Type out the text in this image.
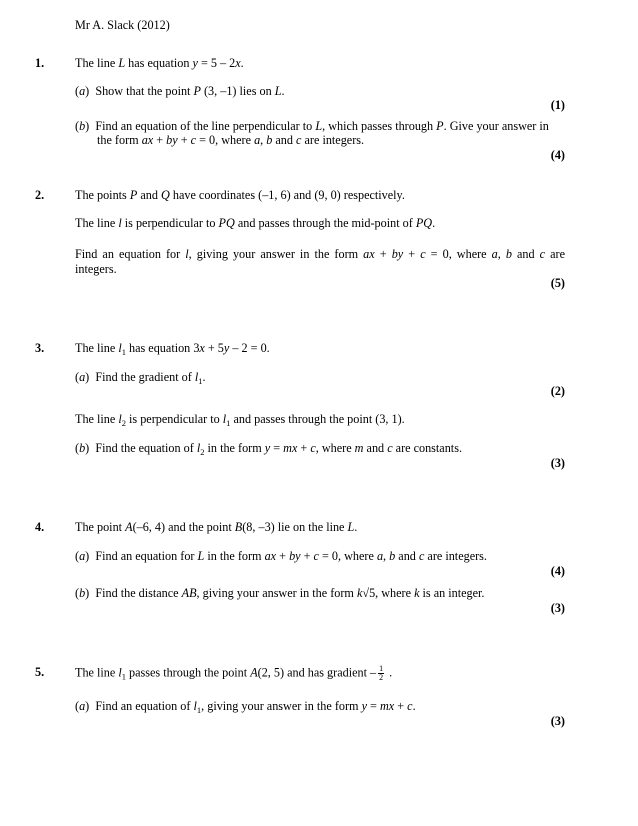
Mr A. Slack (2012)
1.	The line L has equation y = 5 – 2x.
(a)  Show that the point P (3, –1) lies on L.
(1)
(b)  Find an equation of the line perpendicular to L, which passes through P. Give your answer in
the form ax + by + c = 0, where a, b and c are integers.
(4)
2.	The points P and Q have coordinates (–1, 6) and (9, 0) respectively.
The line l is perpendicular to PQ and passes through the mid-point of PQ.
Find an equation for l, giving your answer in the form ax + by + c = 0, where a, b and c are
integers.
(5)
3.	The line $l_1$ has equation 3x + 5y – 2 = 0.
(a)  Find the gradient of $l_1$.
(2)
The line $l_2$ is perpendicular to $l_1$ and passes through the point (3, 1).
(b)  Find the equation of $l_2$ in the form y = mx + c, where m and c are constants.
(3)
4.	The point A(–6, 4) and the point B(8, –3) lie on the line L.
(a)  Find an equation for L in the form ax + by + c = 0, where a, b and c are integers.
(4)
(b)  Find the distance AB, giving your answer in the form k√5, where k is an integer.
(3)
5.	The line $l_1$ passes through the point A(2, 5) and has gradient – $\frac{1}{2}$ .
(a)  Find an equation of $l_1$, giving your answer in the form y = mx + c.
(3)
